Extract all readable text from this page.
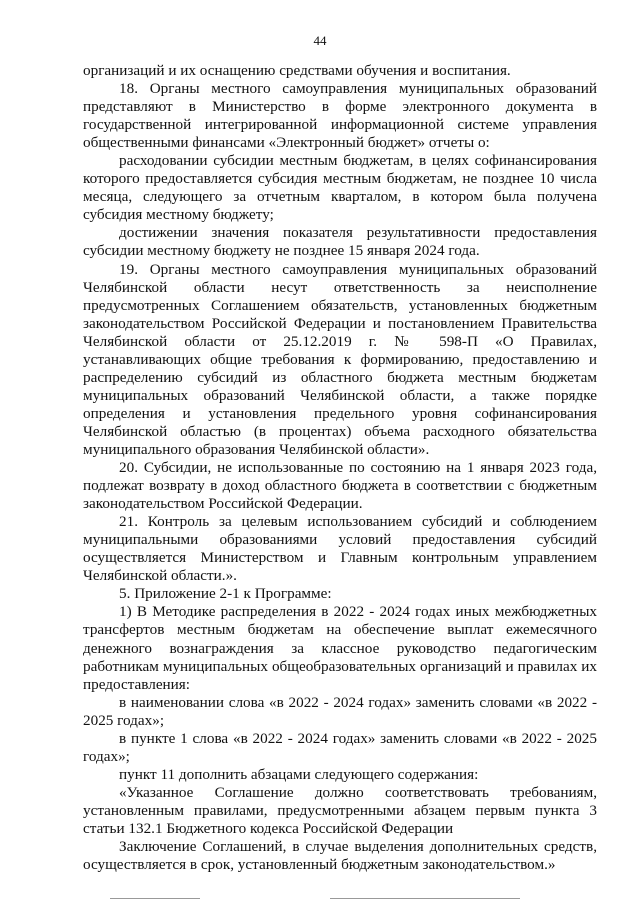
44

организаций и их оснащению средствами обучения и воспитания.

18. Органы местного самоуправления муниципальных образований представляют в Министерство в форме электронного документа в государственной интегрированной информационной системе управления общественными финансами «Электронный бюджет» отчеты о:

расходовании субсидии местным бюджетам, в целях софинансирования которого предоставляется субсидия местным бюджетам, не позднее 10 числа месяца, следующего за отчетным кварталом, в котором была получена субсидия местному бюджету;

достижении значения показателя результативности предоставления субсидии местному бюджету не позднее 15 января 2024 года.

19. Органы местного самоуправления муниципальных образований Челябинской области несут ответственность за неисполнение предусмотренных Соглашением обязательств, установленных бюджетным законодательством Российской Федерации и постановлением Правительства Челябинской области от 25.12.2019 г. № 598-П «О Правилах, устанавливающих общие требования к формированию, предоставлению и распределению субсидий из областного бюджета местным бюджетам муниципальных образований Челябинской области, а также порядке определения и установления предельного уровня софинансирования Челябинской областью (в процентах) объема расходного обязательства муниципального образования Челябинской области».

20. Субсидии, не использованные по состоянию на 1 января 2023 года, подлежат возврату в доход областного бюджета в соответствии с бюджетным законодательством Российской Федерации.

21. Контроль за целевым использованием субсидий и соблюдением муниципальными образованиями условий предоставления субсидий осуществляется Министерством и Главным контрольным управлением Челябинской области.».

5. Приложение 2-1 к Программе:

1) В Методике распределения в 2022 - 2024 годах иных межбюджетных трансфертов местным бюджетам на обеспечение выплат ежемесячного денежного вознаграждения за классное руководство педагогическим работникам муниципальных общеобразовательных организаций и правилах их предоставления:

в наименовании слова «в 2022 - 2024 годах» заменить словами «в 2022 - 2025 годах»;

в пункте 1 слова «в 2022 - 2024 годах» заменить словами «в 2022 - 2025 годах»;

пункт 11 дополнить абзацами следующего содержания:

«Указанное Соглашение должно соответствовать требованиям, установленным правилами, предусмотренными абзацем первым пункта 3 статьи 132.1 Бюджетного кодекса Российской Федерации

Заключение Соглашений, в случае выделения дополнительных средств, осуществляется в срок, установленный бюджетным законодательством.»
